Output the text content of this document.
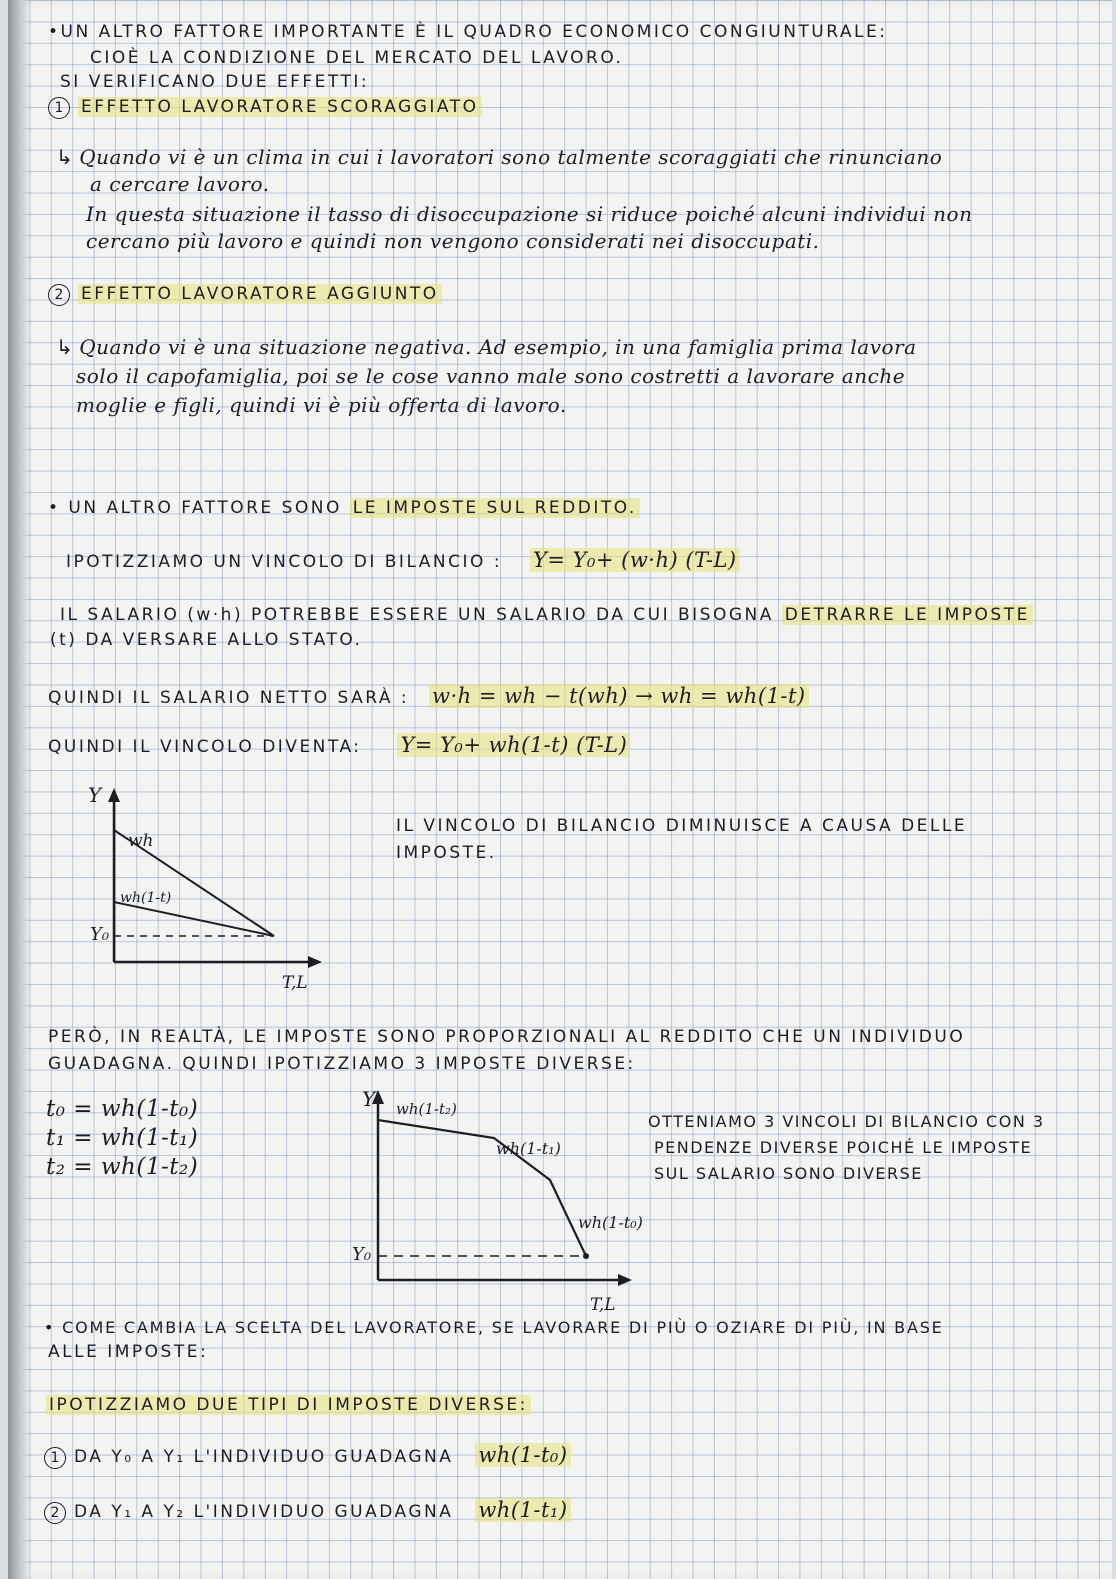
•UN ALTRO FATTORE IMPORTANTE È IL QUADRO ECONOMICO CONGIUNTURALE:
CIOÈ LA CONDIZIONE DEL MERCATO DEL LAVORO.
SI VERIFICANO DUE EFFETTI:
1 EFFETTO LAVORATORE SCORAGGIATO
↳ Quando vi è un clima in cui i lavoratori sono talmente scoraggiati che rinunciano
a cercare lavoro.
In questa situazione il tasso di disoccupazione si riduce poiché alcuni individui non
cercano più lavoro e quindi non vengono considerati nei disoccupati.
2 EFFETTO LAVORATORE AGGIUNTO
↳ Quando vi è una situazione negativa. Ad esempio, in una famiglia prima lavora
solo il capofamiglia, poi se le cose vanno male sono costretti a lavorare anche
moglie e figli, quindi vi è più offerta di lavoro.
• UN ALTRO FATTORE SONO LE IMPOSTE SUL REDDITO.
IPOTIZZIAMO UN VINCOLO DI BILANCIO : Y= Y₀+ (w·h) (T-L)
IL SALARIO (w·h) POTREBBE ESSERE UN SALARIO DA CUI BISOGNA DETRARRE LE IMPOSTE
(t) DA VERSARE ALLO STATO.
QUINDI IL SALARIO NETTO SARÀ : w·h = wh − t(wh) → wh = wh(1-t)
QUINDI IL VINCOLO DIVENTA: Y= Y₀+ wh(1-t) (T-L)
Y
wh
wh(1-t)
Y₀
T,L
IL VINCOLO DI BILANCIO DIMINUISCE A CAUSA DELLE
IMPOSTE.
PERÒ, IN REALTÀ, LE IMPOSTE SONO PROPORZIONALI AL REDDITO CHE UN INDIVIDUO
GUADAGNA. QUINDI IPOTIZZIAMO 3 IMPOSTE DIVERSE:
t₀ = wh(1-t₀)
t₁ = wh(1-t₁)
t₂ = wh(1-t₂)
Y wh(1-t₂)
wh(1-t₁)
wh(1-t₀)
Y₀
T,L
OTTENIAMO 3 VINCOLI DI BILANCIO CON 3
PENDENZE DIVERSE POICHÉ LE IMPOSTE
SUL SALARIO SONO DIVERSE
• COME CAMBIA LA SCELTA DEL LAVORATORE, SE LAVORARE DI PIÙ O OZIARE DI PIÙ, IN BASE
ALLE IMPOSTE:
IPOTIZZIAMO DUE TIPI DI IMPOSTE DIVERSE:
1 DA Y₀ A Y₁ L'INDIVIDUO GUADAGNA wh(1-t₀)
2 DA Y₁ A Y₂ L'INDIVIDUO GUADAGNA wh(1-t₁)
